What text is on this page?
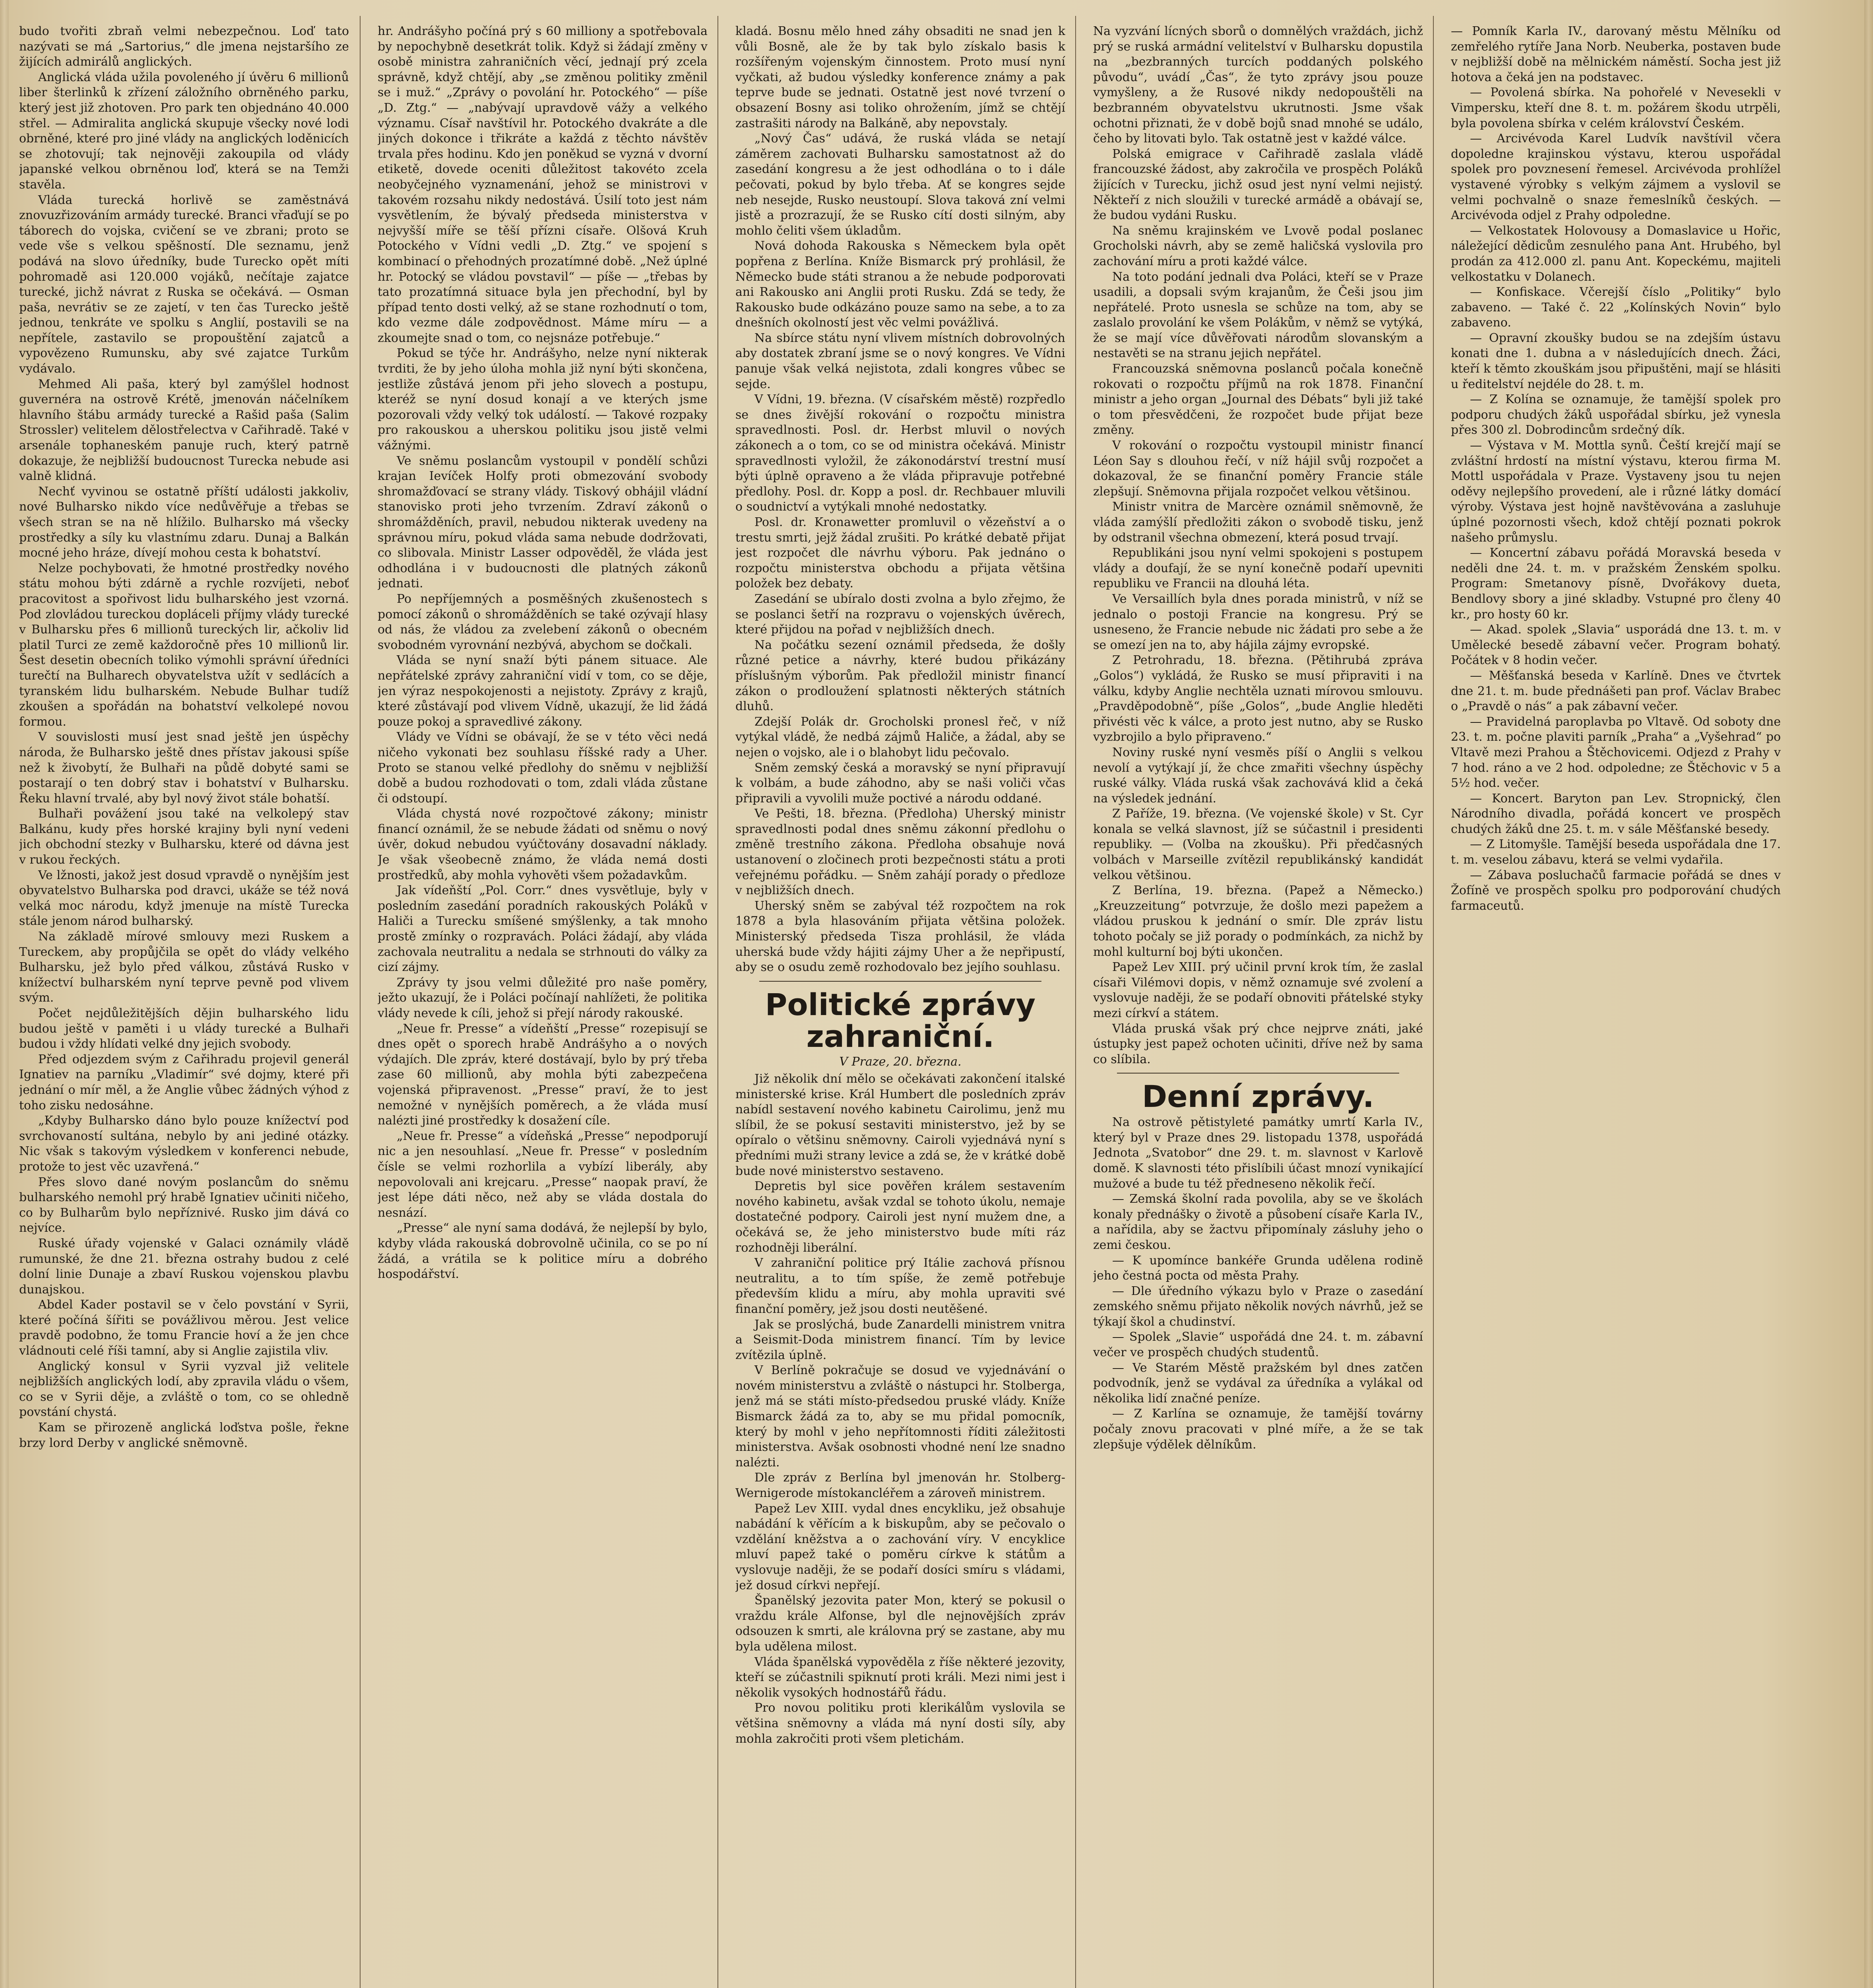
budo tvořiti zbraň velmi nebezpečnou. Loď tato nazývati se má „Sartorius,“ dle jmena nejstaršího ze žijících admirálů anglických.

Anglická vláda užila povoleného jí úvěru 6 millionů liber šterlinků k zřízení záložního obrněného parku, který jest již zhotoven. Pro park ten objednáno 40.000 střel. — Admiralita anglická skupuje všecky nové lodi obrněné, které pro jiné vlády na anglických loděnicích se zhotovují; tak nejnověji zakoupila od vlády japanské velkou obrněnou loď, která se na Temži stavěla.

Vláda turecká horlivě se zaměstnává znovuzřizováním armády turecké. Branci vřaďují se po táborech do vojska, cvičení se ve zbrani; proto se vede vše s velkou spěšností. Dle seznamu, jenž podává na slovo úředníky, bude Turecko opět míti pohromadě asi 120.000 vojáků, nečítaje zajatce turecké, jichž návrat z Ruska se očekává. — Osman paša, nevrátiv se ze zajetí, v ten čas Turecko ještě jednou, tenkráte ve spolku s Anglií, postavili se na nepřítele, zastavilo se propouštění zajatců a vypovězeno Rumunsku, aby své zajatce Turkům vydávalo.

Mehmed Ali paša, který byl zamýšlel hodnost guvernéra na ostrově Krétě, jmenován náčelníkem hlavního štábu armády turecké a Rašid paša (Salim Strossler) velitelem dělostřelectva v Cařihradě. Také v arsenále tophaneském panuje ruch, který patrně dokazuje, že nejbližší budoucnost Turecka nebude asi valně klidná.

Nechť vyvinou se ostatně příští události jakkoliv, nové Bulharsko nikdo více nedůvěřuje a třebas se všech stran se na ně hlížilo. Bulharsko má všecky prostředky a síly ku vlastnímu zdaru. Dunaj a Balkán mocné jeho hráze, dívejí mohou cesta k bohatství.

Nelze pochybovati, že hmotné prostředky nového státu mohou býti zdárně a rychle rozvíjeti, neboť pracovitost a spořivost lidu bulharského jest vzorná. Pod zlovládou tureckou dopláceli příjmy vlády turecké v Bulharsku přes 6 millionů tureckých lir, ačkoliv lid platil Turci ze země každoročně přes 10 millionů lir. Šest desetin obecních toliko výmohli správní úředníci turečtí na Bulharech obyvatelstva užít v sedlácích a tyranském lidu bulharském. Nebude Bulhar tudíž zkoušen a spořádán na bohatství velkolepé novou formou.

V souvislosti musí jest snad ještě jen úspěchy národa, že Bulharsko ještě dnes přístav jakousi spíše než k živobytí, že Bulhaři na půdě dobyté sami se postarají o ten dobrý stav i bohatství v Bulharsku. Řeku hlavní trvalé, aby byl nový život stále bohatší.

Bulhaři povážení jsou také na velkolepý stav Balkánu, kudy přes horské krajiny byli nyní vedeni jich obchodní stezky v Bulharsku, které od dávna jest v rukou řeckých.

Ve lžnosti, jakož jest dosud vpravdě o nynějším jest obyvatelstvo Bulharska pod dravci, ukáže se též nová velká moc národu, když jmenuje na místě Turecka stále jenom národ bulharský.

Na základě mírové smlouvy mezi Ruskem a Tureckem, aby propůjčila se opět do vlády velkého Bulharsku, jež bylo před válkou, zůstává Rusko v knížectví bulharském nyní teprve pevně pod vlivem svým.

Počet nejdůležitějších dějin bulharského lidu budou ještě v paměti i u vlády turecké a Bulhaři budou i vždy hlídati velké dny jejich svobody.

Před odjezdem svým z Cařihradu projevil generál Ignatiev na parníku „Vladimír“ své dojmy, které při jednání o mír měl, a že Anglie vůbec žádných výhod z toho zisku nedosáhne.

„Kdyby Bulharsko dáno bylo pouze knížectví pod svrchovaností sultána, nebylo by ani jediné otázky. Nic však s takovým výsledkem v konferenci nebude, protože to jest věc uzavřená.“

Přes slovo dané novým poslancům do sněmu bulharského nemohl prý hrabě Ignatiev učiniti ničeho, co by Bulharům bylo nepříznivé. Rusko jim dává co nejvíce.

Ruské úřady vojenské v Galaci oznámily vládě rumunské, že dne 21. března ostrahy budou z celé dolní linie Dunaje a zbaví Ruskou vojenskou plavbu dunajskou.

Abdel Kader postavil se v čelo povstání v Syrii, které počíná šířiti se povážlivou měrou. Jest velice pravdě podobno, že tomu Francie hoví a že jen chce vládnouti celé říši tamní, aby si Anglie zajistila vliv.

Anglický konsul v Syrii vyzval již velitele nejbližších anglických lodí, aby zpravila vládu o všem, co se v Syrii děje, a zvláště o tom, co se ohledně povstání chystá.

Kam se přirozeně anglická loďstva pošle, řekne brzy lord Derby v anglické sněmovně.

hr. Andrášyho počíná prý s 60 milliony a spotřebovala by nepochybně desetkrát tolik. Když si žádají změny v osobě ministra zahraničních věcí, jednají prý zcela správně, když chtějí, aby „se změnou politiky změnil se i muž.“ „Zprávy o povolání hr. Potockého“ — píše „D. Ztg.“ — „nabývají upravdově vážy a velkého významu. Císař navštívil hr. Potockého dvakráte a dle jiných dokonce i třikráte a každá z těchto návštěv trvala přes hodinu. Kdo jen poněkud se vyzná v dvorní etiketě, dovede oceniti důležitost takovéto zcela neobyčejného vyznamenání, jehož se ministrovi v takovém rozsahu nikdy nedostává. Úsilí toto jest nám vysvětlením, že bývalý předseda ministerstva v nejvyšší míře se těší přízni císaře. Olšová Kruh Potockého v Vídni vedli „D. Ztg.“ ve spojení s kombinací o přehodných prozatímné době. „Než úplné hr. Potocký se vládou povstavil“ — píše — „třebas by tato prozatímná situace byla jen přechodní, byl by případ tento dosti velký, až se stane rozhodnutí o tom, kdo vezme dále zodpovědnost. Máme míru — a zkoumejte snad o tom, co nejsnáze potřebuje.“

Pokud se týče hr. Andrášyho, nelze nyní nikterak tvrditi, že by jeho úloha mohla již nyní býti skončena, jestliže zůstává jenom při jeho slovech a postupu, kteréž se nyní dosud konají a ve kterých jsme pozorovali vždy velký tok událostí. — Takové rozpaky pro rakouskou a uherskou politiku jsou jistě velmi vážnými.

Ve sněmu poslancům vystoupil v pondělí schůzi krajan Ievíček Holfy proti obmezování svobody shromažďovací se strany vlády. Tiskový obhájil vládní stanovisko proti jeho tvrzením. Zdraví zákonů o shromážděních, pravil, nebudou nikterak uvedeny na správnou míru, pokud vláda sama nebude dodržovati, co slibovala. Ministr Lasser odpověděl, že vláda jest odhodlána i v budoucnosti dle platných zákonů jednati.

Po nepříjemných a posměšných zkušenostech s pomocí zákonů o shromážděních se také ozývají hlasy od nás, že vládou za zvelebení zákonů o obecném svobodném vyrovnání nezbývá, abychom se dočkali.

Vláda se nyní snaží býti pánem situace. Ale nepřátelské zprávy zahraniční vidí v tom, co se děje, jen výraz nespokojenosti a nejistoty. Zprávy z krajů, které zůstávají pod vlivem Vídně, ukazují, že lid žádá pouze pokoj a spravedlivé zákony.

Vlády ve Vídni se obávají, že se v této věci nedá ničeho vykonati bez souhlasu říšské rady a Uher. Proto se stanou velké předlohy do sněmu v nejbližší době a budou rozhodovati o tom, zdali vláda zůstane či odstoupí.

Vláda chystá nové rozpočtové zákony; ministr financí oznámil, že se nebude žádati od sněmu o nový úvěr, dokud nebudou vyúčtovány dosavadní náklady. Je však všeobecně známo, že vláda nemá dosti prostředků, aby mohla vyhověti všem požadavkům.

Jak vídeňští „Pol. Corr.“ dnes vysvětluje, byly v posledním zasedání poradních rakouských Poláků v Haliči a Turecku smíšené smýšlenky, a tak mnoho prostě zmínky o rozpravách. Poláci žádají, aby vláda zachovala neutralitu a nedala se strhnouti do války za cizí zájmy.

Zprávy ty jsou velmi důležité pro naše poměry, ježto ukazují, že i Poláci počínají nahlížeti, že politika vlády nevede k cíli, jehož si přejí národy rakouské.

„Neue fr. Presse“ a vídeňští „Presse“ rozepisují se dnes opět o sporech hrabě Andrášyho a o nových výdajích. Dle zpráv, které dostávají, bylo by prý třeba zase 60 millionů, aby mohla býti zabezpečena vojenská připravenost. „Presse“ praví, že to jest nemožné v nynějších poměrech, a že vláda musí nalézti jiné prostředky k dosažení cíle.

„Neue fr. Presse“ a vídeňská „Presse“ nepodporují nic a jen nesouhlasí. „Neue fr. Presse“ v posledním čísle se velmi rozhorlila a vybízí liberály, aby nepovolovali ani krejcaru. „Presse“ naopak praví, že jest lépe dáti něco, než aby se vláda dostala do nesnází.

„Presse“ ale nyní sama dodává, že nejlepší by bylo, kdyby vláda rakouská dobrovolně učinila, co se po ní žádá, a vrátila se k politice míru a dobrého hospodářství.

kladá. Bosnu mělo hned záhy obsaditi ne snad jen k vůli Bosně, ale že by tak bylo získalo basis k rozšířeným vojenským činnostem. Proto musí nyní vyčkati, až budou výsledky konference známy a pak teprve bude se jednati. Ostatně jest nové tvrzení o obsazení Bosny asi toliko ohrožením, jímž se chtějí zastrašiti národy na Balkáně, aby nepovstaly.

„Nový Čas“ udává, že ruská vláda se netají záměrem zachovati Bulharsku samostatnost až do zasedání kongresu a že jest odhodlána o to i dále pečovati, pokud by bylo třeba. Ať se kongres sejde neb nesejde, Rusko neustoupí. Slova taková zní velmi jistě a prozrazují, že se Rusko cítí dosti silným, aby mohlo čeliti všem úkladům.

Nová dohoda Rakouska s Německem byla opět popřena z Berlína. Kníže Bismarck prý prohlásil, že Německo bude státi stranou a že nebude podporovati ani Rakousko ani Anglii proti Rusku. Zdá se tedy, že Rakousko bude odkázáno pouze samo na sebe, a to za dnešních okolností jest věc velmi povážlivá.

Na sbírce státu nyní vlivem místních dobrovolných aby dostatek zbraní jsme se o nový kongres. Ve Vídni panuje však velká nejistota, zdali kongres vůbec se sejde.

V Vídni, 19. března. (V císařském městě) rozpředlo se dnes živější rokování o rozpočtu ministra spravedlnosti. Posl. dr. Herbst mluvil o nových zákonech a o tom, co se od ministra očekává. Ministr spravedlnosti vyložil, že zákonodárství trestní musí býti úplně opraveno a že vláda připravuje potřebné předlohy. Posl. dr. Kopp a posl. dr. Rechbauer mluvili o soudnictví a vytýkali mnohé nedostatky.

Posl. dr. Kronawetter promluvil o vězeňství a o trestu smrti, jejž žádal zrušiti. Po krátké debatě přijat jest rozpočet dle návrhu výboru. Pak jednáno o rozpočtu ministerstva obchodu a přijata většina položek bez debaty.

Zasedání se ubíralo dosti zvolna a bylo zřejmo, že se poslanci šetří na rozpravu o vojenských úvěrech, které přijdou na pořad v nejbližších dnech.

Na počátku sezení oznámil předseda, že došly různé petice a návrhy, které budou přikázány příslušným výborům. Pak předložil ministr financí zákon o prodloužení splatnosti některých státních dluhů.

Zdejší Polák dr. Grocholski pronesl řeč, v níž vytýkal vládě, že nedbá zájmů Haliče, a žádal, aby se nejen o vojsko, ale i o blahobyt lidu pečovalo.

Sněm zemský česká a moravský se nyní připravují k volbám, a bude záhodno, aby se naši voliči včas připravili a vyvolili muže poctivé a národu oddané.

Ve Pešti, 18. března. (Předloha) Uherský ministr spravedlnosti podal dnes sněmu zákonní předlohu o změně trestního zákona. Předloha obsahuje nová ustanovení o zločinech proti bezpečnosti státu a proti veřejnému pořádku. — Sněm zahájí porady o předloze v nejbližších dnech.

Uherský sněm se zabýval též rozpočtem na rok 1878 a byla hlasováním přijata většina položek. Ministerský předseda Tisza prohlásil, že vláda uherská bude vždy hájiti zájmy Uher a že nepřipustí, aby se o osudu země rozhodovalo bez jejího souhlasu.

Politické zprávy zahraniční.
V Praze, 20. března.

Již několik dní mělo se očekávati zakončení italské ministerské krise. Král Humbert dle posledních zpráv nabídl sestavení nového kabinetu Cairolimu, jenž mu slíbil, že se pokusí sestaviti ministerstvo, jež by se opíralo o většinu sněmovny. Cairoli vyjednává nyní s předními muži strany levice a zdá se, že v krátké době bude nové ministerstvo sestaveno.

Depretis byl sice pověřen králem sestavením nového kabinetu, avšak vzdal se tohoto úkolu, nemaje dostatečné podpory. Cairoli jest nyní mužem dne, a očekává se, že jeho ministerstvo bude míti ráz rozhodněji liberální.

V zahraniční politice prý Itálie zachová přísnou neutralitu, a to tím spíše, že země potřebuje především klidu a míru, aby mohla upraviti své finanční poměry, jež jsou dosti neutěšené.

Jak se proslýchá, bude Zanardelli ministrem vnitra a Seismit-Doda ministrem financí. Tím by levice zvítězila úplně.

V Berlíně pokračuje se dosud ve vyjednávání o novém ministerstvu a zvláště o nástupci hr. Stolberga, jenž má se státi místo-předsedou pruské vlády. Kníže Bismarck žádá za to, aby se mu přidal pomocník, který by mohl v jeho nepřítomnosti říditi záležitosti ministerstva. Avšak osobnosti vhodné není lze snadno nalézti.

Dle zpráv z Berlína byl jmenován hr. Stolberg-Wernigerode místokancléřem a zároveň ministrem.

Papež Lev XIII. vydal dnes encykliku, jež obsahuje nabádání k věřícím a k biskupům, aby se pečovalo o vzdělání kněžstva a o zachování víry. V encyklice mluví papež také o poměru církve k státům a vyslovuje naději, že se podaří dosíci smíru s vládami, jež dosud církvi nepřejí.

Španělský jezovita pater Mon, který se pokusil o vraždu krále Alfonse, byl dle nejnovějších zpráv odsouzen k smrti, ale královna prý se zastane, aby mu byla udělena milost.

Vláda španělská vypověděla z říše některé jezovity, kteří se zúčastnili spiknutí proti králi. Mezi nimi jest i několik vysokých hodnostářů řádu.

Pro novou politiku proti klerikálům vyslovila se většina sněmovny a vláda má nyní dosti síly, aby mohla zakročiti proti všem pletichám.

Na vyzvání lícných sborů o domnělých vraždách, jichž prý se ruská armádní velitelství v Bulharsku dopustila na „bezbranných turcích poddaných polského původu“, uvádí „Čas“, že tyto zprávy jsou pouze vymyšleny, a že Rusové nikdy nedopouštěli na bezbranném obyvatelstvu ukrutnosti. Jsme však ochotni přiznati, že v době bojů snad mnohé se událo, čeho by litovati bylo. Tak ostatně jest v každé válce.

Polská emigrace v Cařihradě zaslala vládě francouzské žádost, aby zakročila ve prospěch Poláků žijících v Turecku, jichž osud jest nyní velmi nejistý. Někteří z nich sloužili v turecké armádě a obávají se, že budou vydáni Rusku.

Na sněmu krajinském ve Lvově podal poslanec Grocholski návrh, aby se země haličská vyslovila pro zachování míru a proti každé válce.

Na toto podání jednali dva Poláci, kteří se v Praze usadili, a dopsali svým krajanům, že Češi jsou jim nepřátelé. Proto usnesla se schůze na tom, aby se zaslalo provolání ke všem Polákům, v němž se vytýká, že se mají více důvěřovati národům slovanským a nestavěti se na stranu jejich nepřátel.

Francouzská sněmovna poslanců počala konečně rokovati o rozpočtu příjmů na rok 1878. Finanční ministr a jeho organ „Journal des Débats“ byli již také o tom přesvědčeni, že rozpočet bude přijat beze změny.

V rokování o rozpočtu vystoupil ministr financí Léon Say s dlouhou řečí, v níž hájil svůj rozpočet a dokazoval, že se finanční poměry Francie stále zlepšují. Sněmovna přijala rozpočet velkou většinou.

Ministr vnitra de Marcère oznámil sněmovně, že vláda zamýšlí předložiti zákon o svobodě tisku, jenž by odstranil všechna obmezení, která posud trvají.

Republikáni jsou nyní velmi spokojeni s postupem vlády a doufají, že se nyní konečně podaří upevniti republiku ve Francii na dlouhá léta.

Ve Versaillích byla dnes porada ministrů, v níž se jednalo o postoji Francie na kongresu. Prý se usneseno, že Francie nebude nic žádati pro sebe a že se omezí jen na to, aby hájila zájmy evropské.

Z Petrohradu, 18. března. (Pětihrubá zpráva „Golos“) vykládá, že Rusko se musí připraviti i na válku, kdyby Anglie nechtěla uznati mírovou smlouvu. „Pravděpodobně“, píše „Golos“, „bude Anglie hleděti přivésti věc k válce, a proto jest nutno, aby se Rusko vyzbrojilo a bylo připraveno.“

Noviny ruské nyní vesměs píší o Anglii s velkou nevolí a vytýkají jí, že chce zmařiti všechny úspěchy ruské války. Vláda ruská však zachovává klid a čeká na výsledek jednání.

Z Paříže, 19. března. (Ve vojenské škole) v St. Cyr konala se velká slavnost, jíž se súčastnil i presidenti republiky. — (Volba na zkoušku). Při předčasných volbách v Marseille zvítězil republikánský kandidát velkou většinou.

Z Berlína, 19. března. (Papež a Německo.) „Kreuzzeitung“ potvrzuje, že došlo mezi papežem a vládou pruskou k jednání o smír. Dle zpráv listu tohoto počaly se již porady o podmínkách, za nichž by mohl kulturní boj býti ukončen.

Papež Lev XIII. prý učinil první krok tím, že zaslal císaři Vilémovi dopis, v němž oznamuje své zvolení a vyslovuje naději, že se podaří obnoviti přátelské styky mezi církví a státem.

Vláda pruská však prý chce nejprve znáti, jaké ústupky jest papež ochoten učiniti, dříve než by sama co slíbila.

Denní zprávy.

Na ostrově pětistyleté památky umrtí Karla IV., který byl v Praze dnes 29. listopadu 1378, uspořádá Jednota „Svatobor“ dne 29. t. m. slavnost v Karlově domě. K slavnosti této přislíbili účast mnozí vynikající mužové a bude tu též předneseno několik řečí.

— Zemská školní rada povolila, aby se ve školách konaly přednášky o životě a působení císaře Karla IV., a nařídila, aby se žactvu připomínaly zásluhy jeho o zemi českou.

— K upomínce bankéře Grunda udělena rodině jeho čestná pocta od města Prahy.

— Dle úředního výkazu bylo v Praze o zasedání zemského sněmu přijato několik nových návrhů, jež se týkají škol a chudinství.

— Spolek „Slavie“ uspořádá dne 24. t. m. zábavní večer ve prospěch chudých studentů.

— Ve Starém Městě pražském byl dnes zatčen podvodník, jenž se vydával za úředníka a vylákal od několika lidí značné peníze.

— Z Karlína se oznamuje, že tamější továrny počaly znovu pracovati v plné míře, a že se tak zlepšuje výdělek dělníkům.

— Pomník Karla IV., darovaný městu Mělníku od zemřelého rytíře Jana Norb. Neuberka, postaven bude v nejbližší době na mělnickém náměstí. Socha jest již hotova a čeká jen na podstavec.

— Povolená sbírka. Na pohořelé v Nevesekli v Vimpersku, kteří dne 8. t. m. požárem škodu utrpěli, byla povolena sbírka v celém království Českém.

— Arcivévoda Karel Ludvík navštívil včera dopoledne krajinskou výstavu, kterou uspořádal spolek pro povznesení řemesel. Arcivévoda prohlížel vystavené výrobky s velkým zájmem a vyslovil se velmi pochvalně o snaze řemeslníků českých. — Arcivévoda odjel z Prahy odpoledne.

— Velkostatek Holovousy a Domaslavice u Hořic, náležející dědicům zesnulého pana Ant. Hrubého, byl prodán za 412.000 zl. panu Ant. Kopeckému, majiteli velkostatku v Dolanech.

— Konfiskace. Včerejší číslo „Politiky“ bylo zabaveno. — Také č. 22 „Kolínských Novin“ bylo zabaveno.

— Opravní zkoušky budou se na zdejším ústavu konati dne 1. dubna a v následujících dnech. Žáci, kteří k těmto zkouškám jsou připuštěni, mají se hlásiti u ředitelství nejdéle do 28. t. m.

— Z Kolína se oznamuje, že tamější spolek pro podporu chudých žáků uspořádal sbírku, jež vynesla přes 300 zl. Dobrodincům srdečný dík.

— Výstava v M. Mottla synů. Čeští krejčí mají se zvláštní hrdostí na místní výstavu, kterou firma M. Mottl uspořádala v Praze. Vystaveny jsou tu nejen oděvy nejlepšího provedení, ale i různé látky domácí výroby. Výstava jest hojně navštěvována a zasluhuje úplné pozornosti všech, kdož chtějí poznati pokrok našeho průmyslu.

— Koncertní zábavu pořádá Moravská beseda v neděli dne 24. t. m. v pražském Ženském spolku. Program: Smetanovy písně, Dvořákovy dueta, Bendlovy sbory a jiné skladby. Vstupné pro členy 40 kr., pro hosty 60 kr.

— Akad. spolek „Slavia“ usporádá dne 13. t. m. v Umělecké besedě zábavní večer. Program bohatý. Počátek v 8 hodin večer.

— Měšťanská beseda v Karlíně. Dnes ve čtvrtek dne 21. t. m. bude přednášeti pan prof. Václav Brabec o „Pravdě o nás“ a pak zábavní večer.

— Pravidelná paroplavba po Vltavě. Od soboty dne 23. t. m. počne plaviti parník „Praha“ a „Vyšehrad“ po Vltavě mezi Prahou a Štěchovicemi. Odjezd z Prahy v 7 hod. ráno a ve 2 hod. odpoledne; ze Štěchovic v 5 a 5½ hod. večer.

— Koncert. Baryton pan Lev. Stropnický, člen Národního divadla, pořádá koncert ve prospěch chudých žáků dne 25. t. m. v sále Měšťanské besedy.

— Z Litomyšle. Tamější beseda uspořádala dne 17. t. m. veselou zábavu, která se velmi vydařila.

— Zábava posluchačů farmacie pořádá se dnes v Žofíně ve prospěch spolku pro podporování chudých farmaceutů.
